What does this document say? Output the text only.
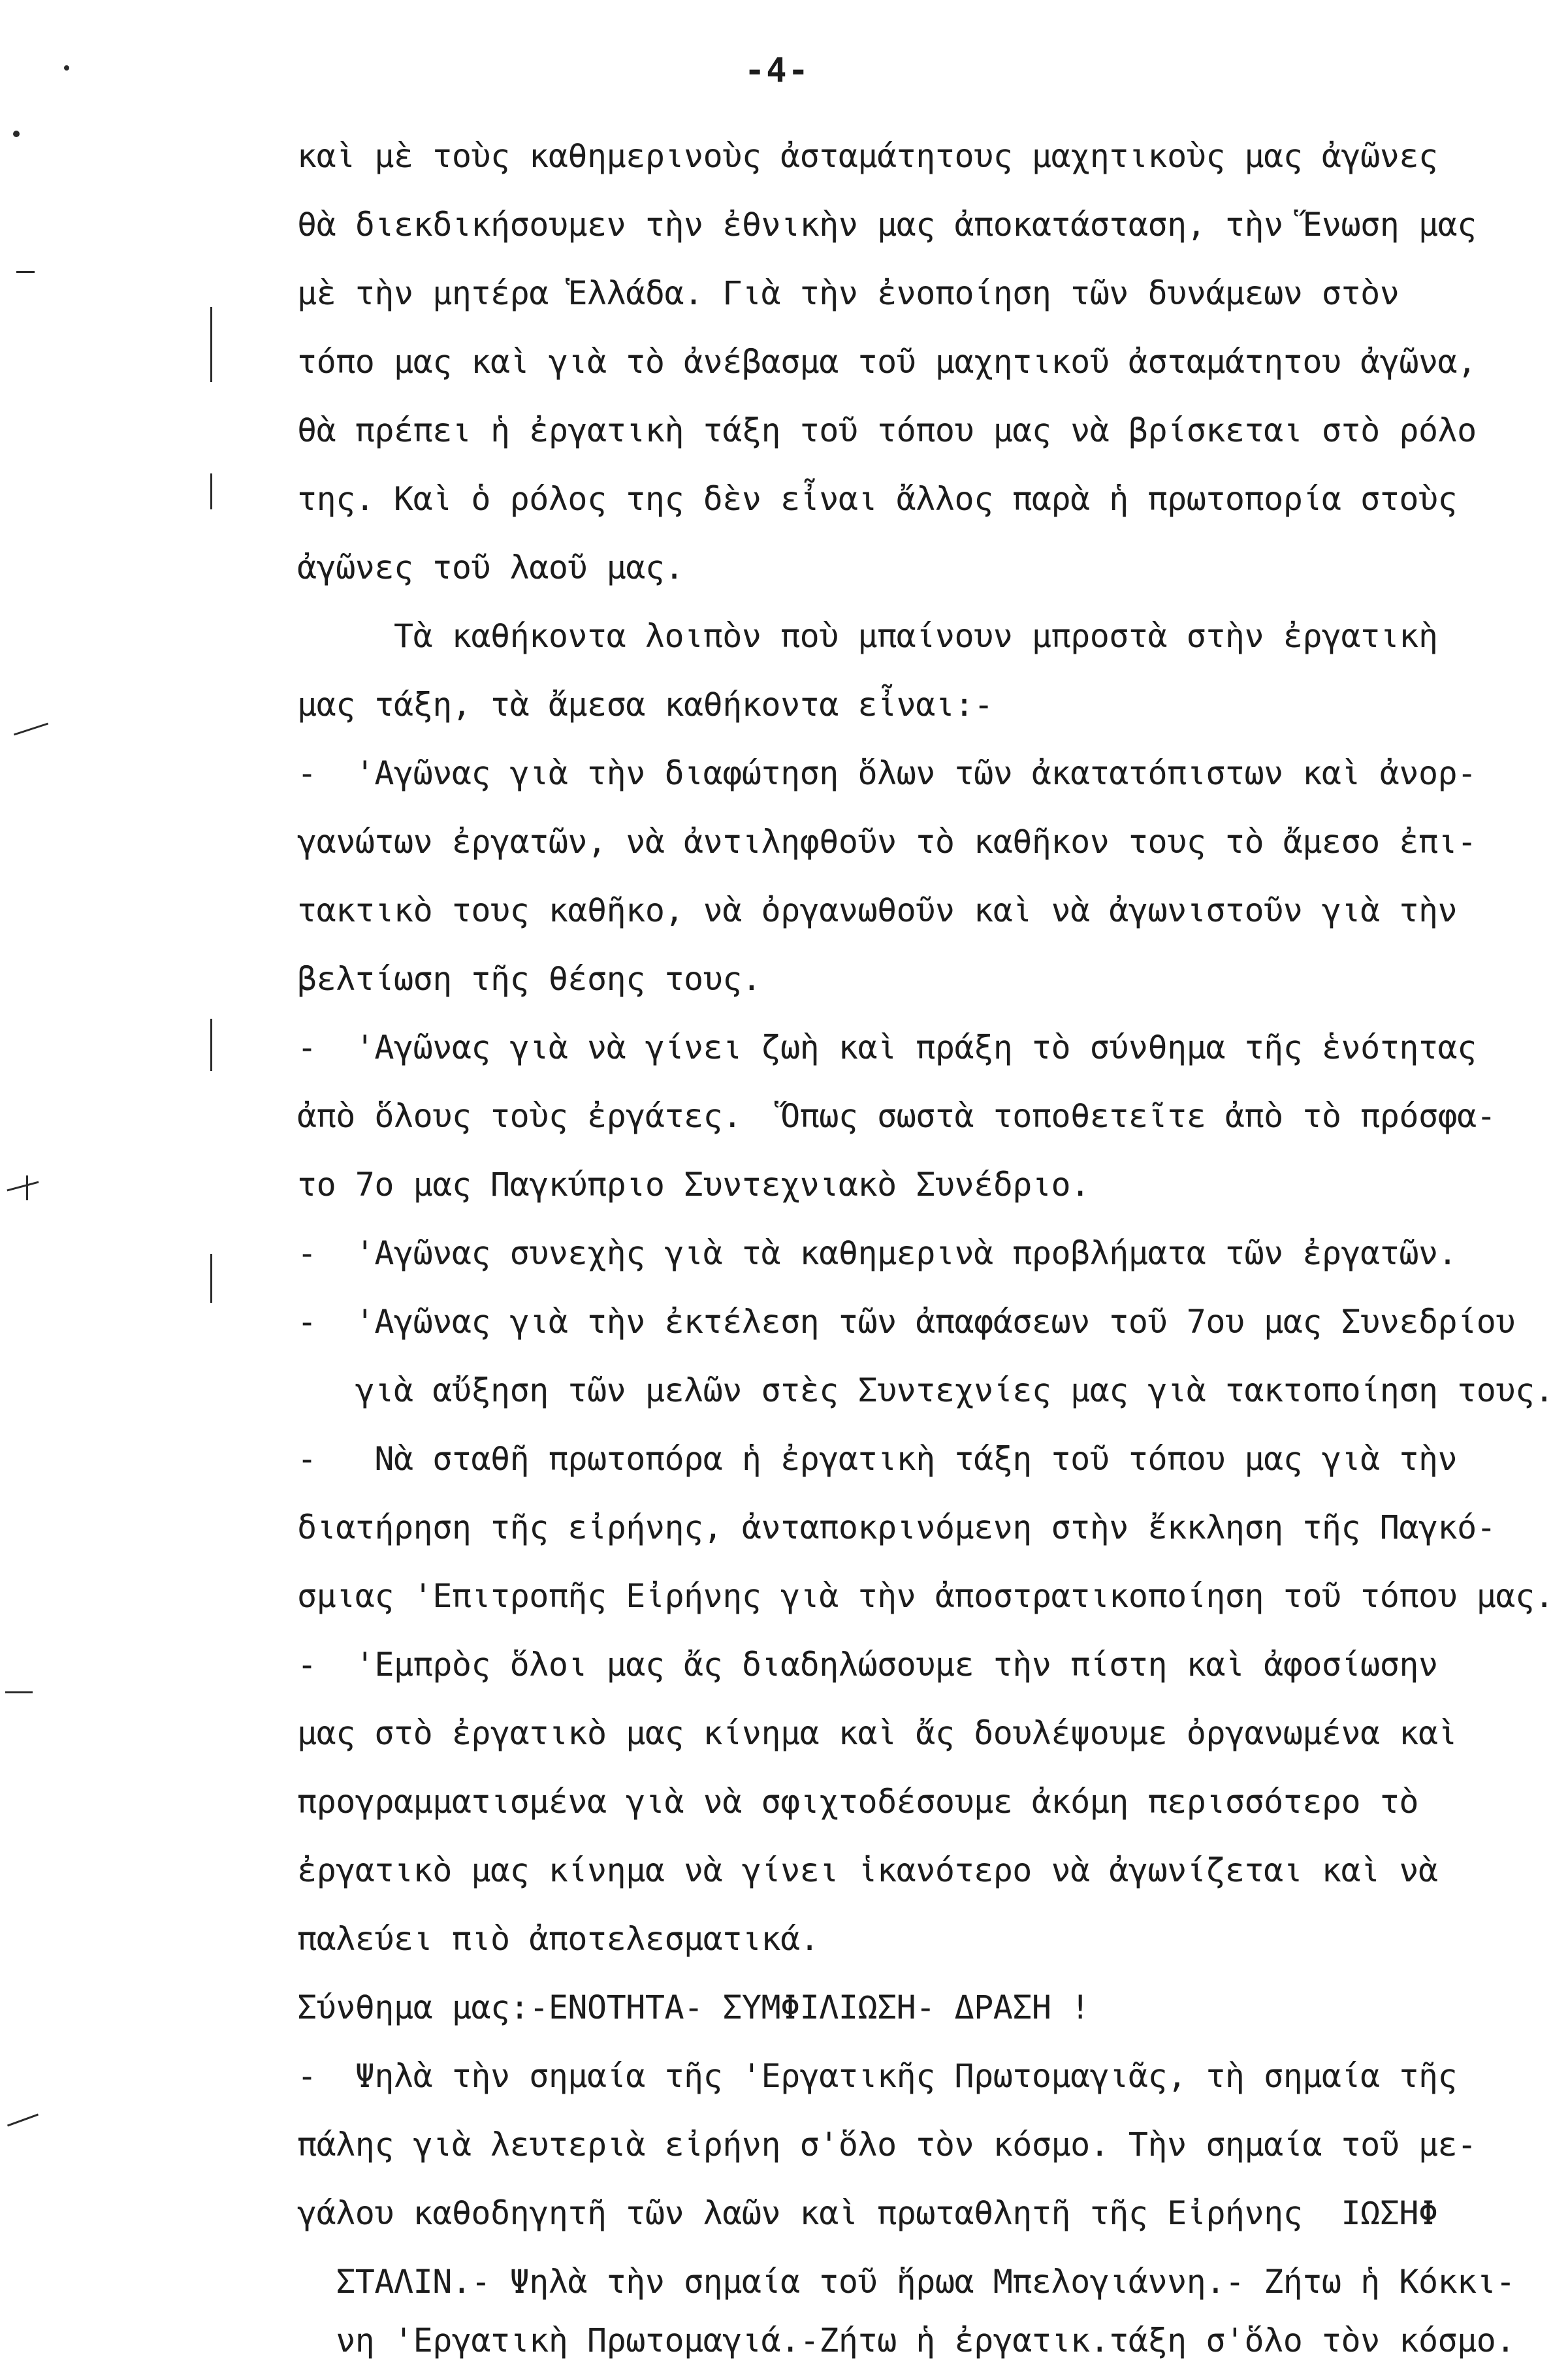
-4-
καὶ μὲ τοὺς καθημερινοὺς ἀσταμάτητους μαχητικοὺς μας ἀγῶνες
θὰ διεκδικήσουμεν τὴν ἐθνικὴν μας ἀποκατάσταση, τὴν Ἕνωση μας
μὲ τὴν μητέρα Ἑλλάδα. Γιὰ τὴν ἐνοποίηση τῶν δυνάμεων στὸν
τόπο μας καὶ γιὰ τὸ ἀνέβασμα τοῦ μαχητικοῦ ἀσταμάτητου ἀγῶνα,
θὰ πρέπει ἡ ἐργατικὴ τάξη τοῦ τόπου μας νὰ βρίσκεται στὸ ρόλο
της. Καὶ ὁ ρόλος της δὲν εἶναι ἄλλος παρὰ ἡ πρωτοπορία στοὺς
ἀγῶνες τοῦ λαοῦ μας.
Τὰ καθήκοντα λοιπὸν ποὺ μπαίνουν μπροστὰ στὴν ἐργατικὴ
μας τάξη, τὰ ἄμεσα καθήκοντα εἶναι:-
-  'Αγῶνας γιὰ τὴν διαφώτηση ὅλων τῶν ἀκατατόπιστων καὶ ἀνορ-
γανώτων ἐργατῶν, νὰ ἀντιληφθοῦν τὸ καθῆκον τους τὸ ἄμεσο ἐπι-
τακτικὸ τους καθῆκο, νὰ ὀργανωθοῦν καὶ νὰ ἀγωνιστοῦν γιὰ τὴν
βελτίωση τῆς θέσης τους.
-  'Αγῶνας γιὰ νὰ γίνει ζωὴ καὶ πράξη τὸ σύνθημα τῆς ἑνότητας
ἀπὸ ὅλους τοὺς ἐργάτες.  Ὅπως σωστὰ τοποθετεῖτε ἀπὸ τὸ πρόσφα-
το 7ο μας Παγκύπριο Συντεχνιακὸ Συνέδριο.
-  'Αγῶνας συνεχὴς γιὰ τὰ καθημερινὰ προβλήματα τῶν ἐργατῶν.
-  'Αγῶνας γιὰ τὴν ἐκτέλεση τῶν ἀπαφάσεων τοῦ 7ου μας Συνεδρίου
γιὰ αὔξηση τῶν μελῶν στὲς Συντεχνίες μας γιὰ τακτοποίηση τους.
-   Νὰ σταθῆ πρωτοπόρα ἡ ἐργατικὴ τάξη τοῦ τόπου μας γιὰ τὴν
διατήρηση τῆς εἰρήνης, ἀνταποκρινόμενη στὴν ἔκκληση τῆς Παγκό-
σμιας 'Επιτροπῆς Εἰρήνης γιὰ τὴν ἀποστρατικοποίηση τοῦ τόπου μας.
-  'Εμπρὸς ὅλοι μας ἄς διαδηλώσουμε τὴν πίστη καὶ ἀφοσίωσην
μας στὸ ἐργατικὸ μας κίνημα καὶ ἄς δουλέψουμε ὀργανωμένα καὶ
προγραμματισμένα γιὰ νὰ σφιχτοδέσουμε ἀκόμη περισσότερο τὸ
ἐργατικὸ μας κίνημα νὰ γίνει ἱκανότερο νὰ ἀγωνίζεται καὶ νὰ
παλεύει πιὸ ἀποτελεσματικά.
Σύνθημα μας:-ΕΝΟΤΗΤΑ- ΣΥΜΦΙΛΙΩΣΗ- ΔΡΑΣΗ !
-  Ψηλὰ τὴν σημαία τῆς 'Εργατικῆς Πρωτομαγιᾶς, τὴ σημαία τῆς
πάλης γιὰ λευτεριὰ εἰρήνη σ'ὅλο τὸν κόσμο. Τὴν σημαία τοῦ με-
γάλου καθοδηγητῆ τῶν λαῶν καὶ πρωταθλητῆ τῆς Εἰρήνης  ΙΩΣΗΦ
ΣΤΑΛΙΝ.- Ψηλὰ τὴν σημαία τοῦ ἥρωα Μπελογιάννη.- Ζήτω ἡ Κόκκι-
νη 'Εργατικὴ Πρωτομαγιά.-Ζήτω ἡ ἐργατικ.τάξη σ'ὅλο τὸν κόσμο.
